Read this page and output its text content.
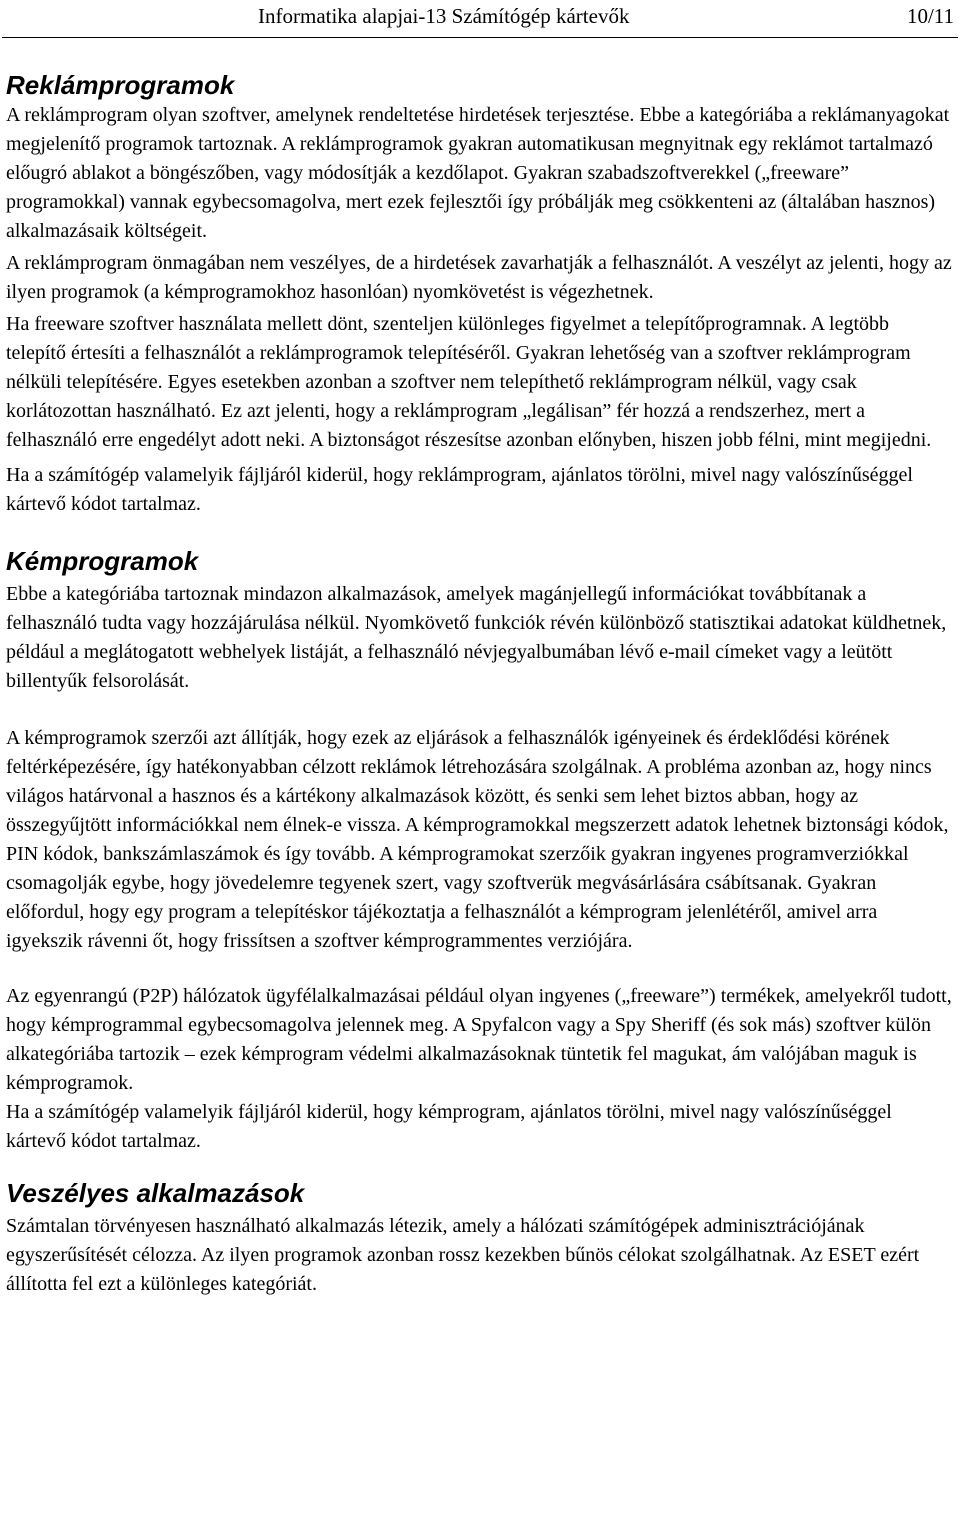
Informatika alapjai-13 Számítógép kártevők	10/11
Reklámprogramok

A reklámprogram olyan szoftver, amelynek rendeltetése hirdetések terjesztése. Ebbe a kategóriába a reklámanyagokat megjelenítő programok tartoznak. A reklámprogramok gyakran automatikusan megnyitnak egy reklámot tartalmazó előugró ablakot a böngészőben, vagy módosítják a kezdőlapot. Gyakran szabadszoftverekkel („freeware” programokkal) vannak egybecsomagolva, mert ezek fejlesztői így próbálják meg csökkenteni az (általában hasznos) alkalmazásaik költségeit.

A reklámprogram önmagában nem veszélyes, de a hirdetések zavarhatják a felhasználót. A veszélyt az jelenti, hogy az ilyen programok (a kémprogramokhoz hasonlóan) nyomkövetést is végezhetnek.

Ha freeware szoftver használata mellett dönt, szenteljen különleges figyelmet a telepítőprogramnak. A legtöbb telepítő értesíti a felhasználót a reklámprogramok telepítéséről. Gyakran lehetőség van a szoftver reklámprogram nélküli telepítésére. Egyes esetekben azonban a szoftver nem telepíthető reklámprogram nélkül, vagy csak korlátozottan használható. Ez azt jelenti, hogy a reklámprogram „legálisan” fér hozzá a rendszerhez, mert a felhasználó erre engedélyt adott neki. A biztonságot részesítse azonban előnyben, hiszen jobb félni, mint megijedni.

Ha a számítógép valamelyik fájljáról kiderül, hogy reklámprogram, ajánlatos törölni, mivel nagy valószínűséggel kártevő kódot tartalmaz.

Kémprogramok

Ebbe a kategóriába tartoznak mindazon alkalmazások, amelyek magánjellegű információkat továbbítanak a felhasználó tudta vagy hozzájárulása nélkül. Nyomkövető funkciók révén különböző statisztikai adatokat küldhetnek, például a meglátogatott webhelyek listáját, a felhasználó névjegyalbumában lévő e-mail címeket vagy a leütött billentyűk felsorolását.

A kémprogramok szerzői azt állítják, hogy ezek az eljárások a felhasználók igényeinek és érdeklődési körének feltérképezésére, így hatékonyabban célzott reklámok létrehozására szolgálnak. A probléma azonban az, hogy nincs világos határvonal a hasznos és a kártékony alkalmazások között, és senki sem lehet biztos abban, hogy az összegyűjtött információkkal nem élnek-e vissza. A kémprogramokkal megszerzett adatok lehetnek biztonsági kódok, PIN kódok, bankszámlaszámok és így tovább. A kémprogramokat szerzőik gyakran ingyenes programverziókkal csomagolják egybe, hogy jövedelemre tegyenek szert, vagy szoftverük megvásárlására csábítsanak. Gyakran előfordul, hogy egy program a telepítéskor tájékoztatja a felhasználót a kémprogram jelenlétéről, amivel arra igyekszik rávenni őt, hogy frissítsen a szoftver kémprogrammentes verziójára.

Az egyenrangú (P2P) hálózatok ügyfélalkalmazásai például olyan ingyenes („freeware”) termékek, amelyekről tudott, hogy kémprogrammal egybecsomagolva jelennek meg. A Spyfalcon vagy a Spy Sheriff (és sok más) szoftver külön alkategóriába tartozik – ezek kémprogram védelmi alkalmazásoknak tüntetik fel magukat, ám valójában maguk is kémprogramok.

Ha a számítógép valamelyik fájljáról kiderül, hogy kémprogram, ajánlatos törölni, mivel nagy valószínűséggel kártevő kódot tartalmaz.

Veszélyes alkalmazások

Számtalan törvényesen használható alkalmazás létezik, amely a hálózati számítógépek adminisztrációjának egyszerűsítését célozza. Az ilyen programok azonban rossz kezekben bűnös célokat szolgálhatnak. Az ESET ezért állította fel ezt a különleges kategóriát.
